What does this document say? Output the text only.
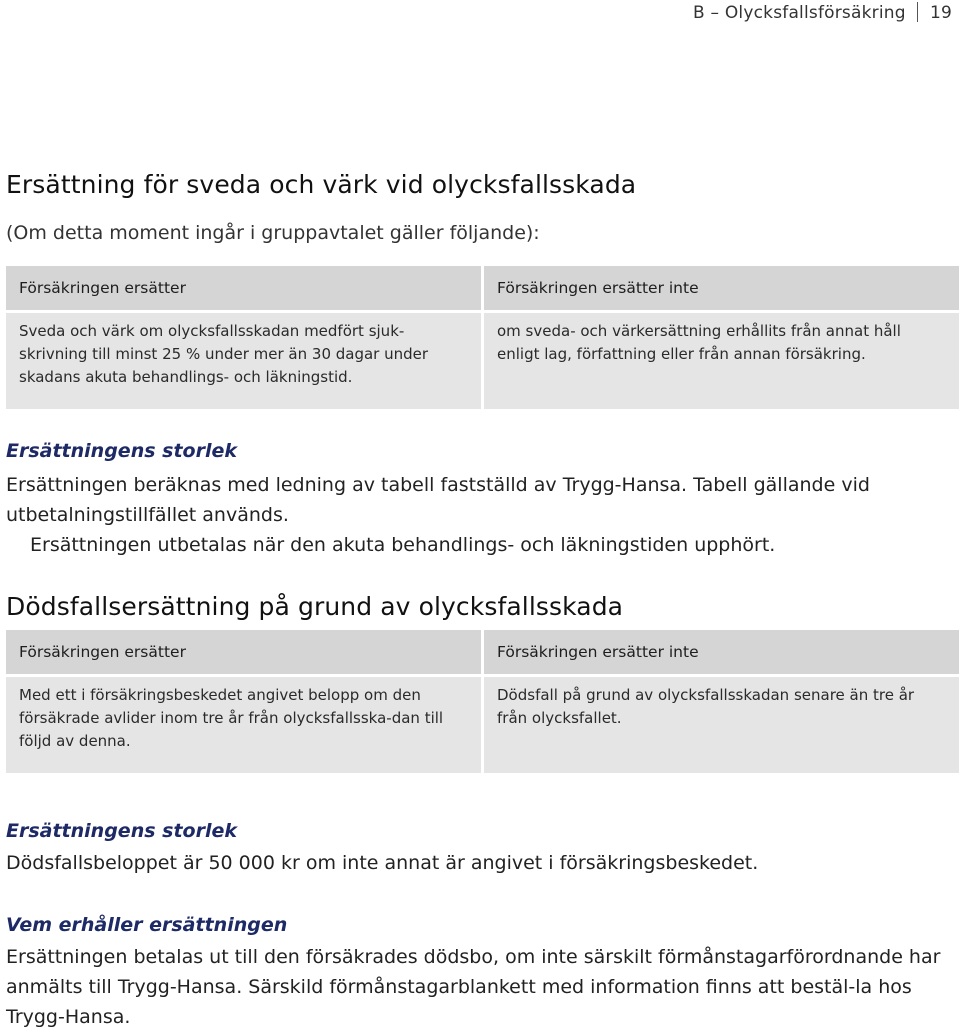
B – Olycksfallsförsäkring 19
Ersättning för sveda och värk vid olycksfallsskada

(Om detta moment ingår i gruppavtalet gäller följande):

Försäkringen ersätter
Sveda och värk om olycksfallsskadan medfört sjuk-skrivning till minst 25 % under mer än 30 dagar under skadans akuta behandlings- och läkningstid.
Försäkringen ersätter inte
om sveda- och värkersättning erhållits från annat håll enligt lag, författning eller från annan försäkring.
Ersättningens storlek

Ersättningen beräknas med ledning av tabell fastställd av Trygg-Hansa. Tabell gällande vid utbetalningstillfället används.

Ersättningen utbetalas när den akuta behandlings- och läkningstiden upphört.

Dödsfallsersättning på grund av olycksfallsskada
Försäkringen ersätter
Med ett i försäkringsbeskedet angivet belopp om den försäkrade avlider inom tre år från olycksfallsska-dan till följd av denna.
Försäkringen ersätter inte
Dödsfall på grund av olycksfallsskadan senare än tre år från olycksfallet.
Ersättningens storlek

Dödsfallsbeloppet är 50 000 kr om inte annat är angivet i försäkringsbeskedet.

Vem erhåller ersättningen

Ersättningen betalas ut till den försäkrades dödsbo, om inte särskilt förmånstagarförordnande har anmälts till Trygg-Hansa. Särskild förmånstagarblankett med information finns att bestäl-la hos Trygg-Hansa.
